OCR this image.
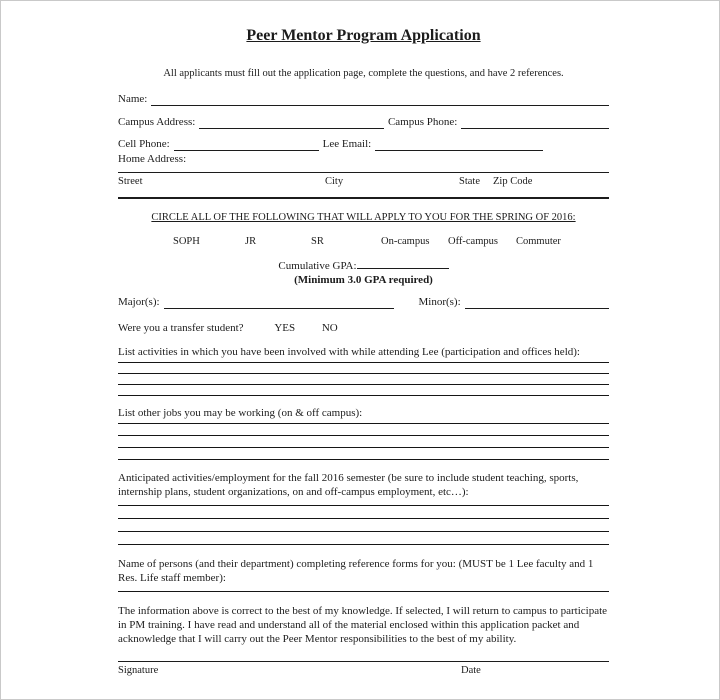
Peer Mentor Program Application
All applicants must fill out the application page, complete the questions, and have 2 references.
Name:
Campus Address:	Campus Phone:
Cell Phone:	Lee Email:
Home Address:
Street	City	State Zip Code
CIRCLE ALL OF THE FOLLOWING THAT WILL APPLY TO YOU FOR THE SPRING OF 2016:
SOPH	JR	SR	On-campus Off-campus Commuter
Cumulative GPA:
(Minimum 3.0 GPA required)
Major(s):	Minor(s):
Were you a transfer student?	YES NO
List activities in which you have been involved with while attending Lee (participation and offices held):
List other jobs you may be working (on & off campus):
Anticipated activities/employment for the fall 2016 semester (be sure to include student teaching, sports, internship plans, student organizations, on and off-campus employment, etc…):
Name of persons (and their department) completing reference forms for you: (MUST be 1 Lee faculty and 1 Res. Life staff member):
The information above is correct to the best of my knowledge. If selected, I will return to campus to participate in PM training. I have read and understand all of the material enclosed within this application packet and acknowledge that I will carry out the Peer Mentor responsibilities to the best of my ability.
Signature	Date
